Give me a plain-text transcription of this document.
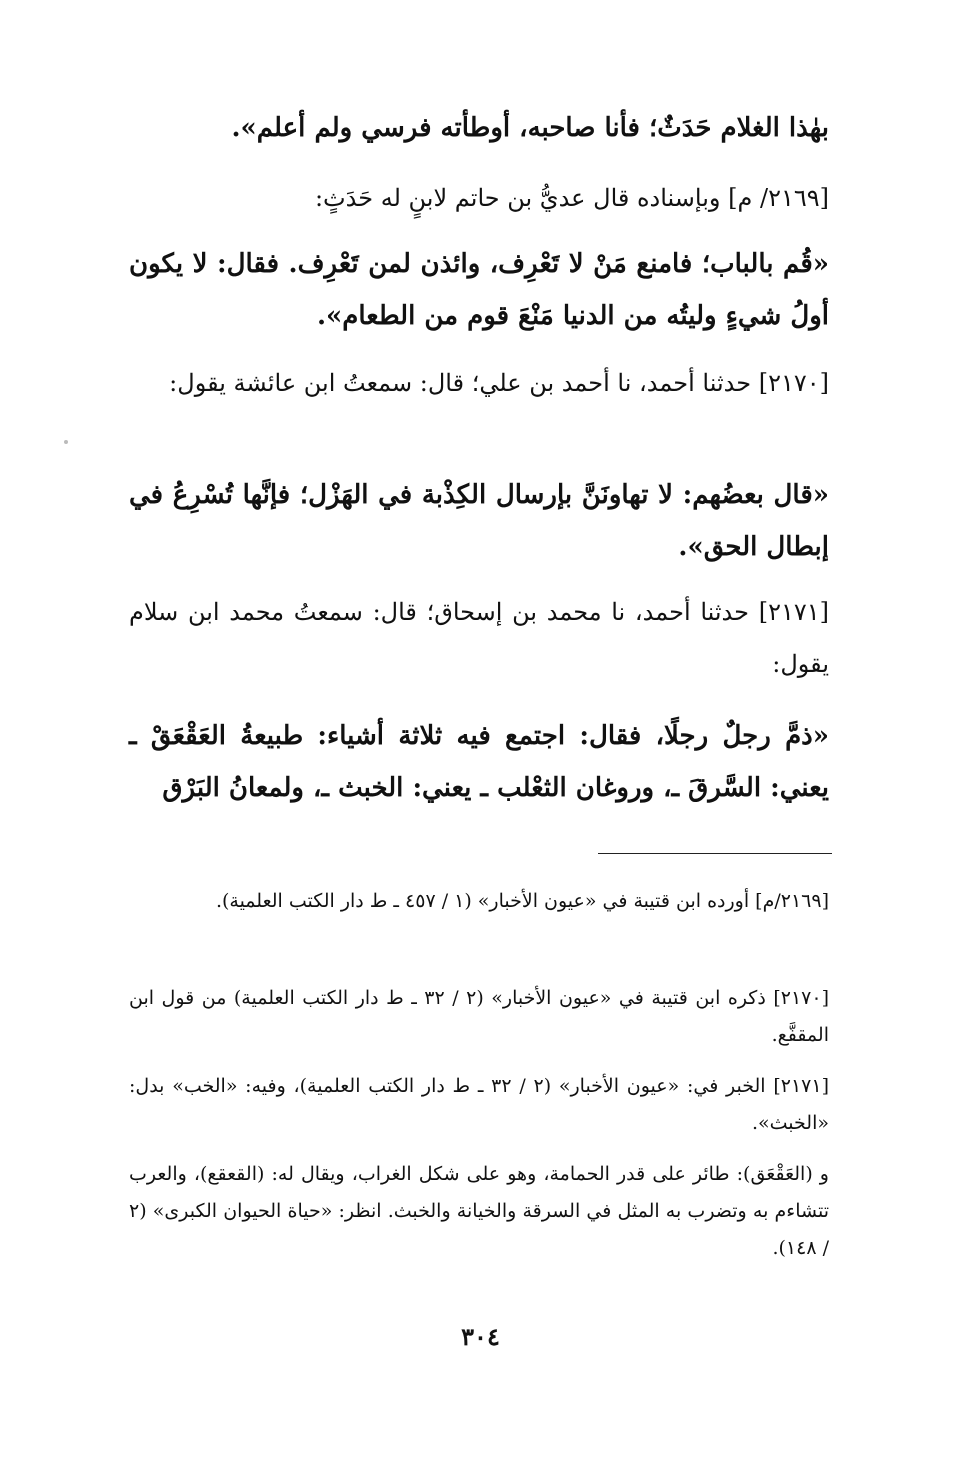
بهٰذا الغلام حَدَثٌ؛ فأنا صاحبه، أوطأته فرسي ولم أعلم».
[٢١٦٩/ م] وبإسناده قال عديُّ بن حاتم لابنٍ له حَدَثٍ:
«قُم بالباب؛ فامنع مَنْ لا تَعْرِف، وائذن لمن تَعْرِف. فقال: لا يكون أولُ شيءٍ وليتُه من الدنيا مَنْعَ قوم من الطعام».
[٢١٧٠] حدثنا أحمد، نا أحمد بن علي؛ قال: سمعتُ ابن عائشة يقول:
«قال بعضُهم: لا تهاونَنَّ بإرسال الكِذْبة في الهَزْل؛ فإنَّها تُسْرِعُ في إبطال الحق».
[٢١٧١] حدثنا أحمد، نا محمد بن إسحاق؛ قال: سمعتُ محمد ابن سلام يقول:
«ذمَّ رجلٌ رجلًا، فقال: اجتمع فيه ثلاثة أشياء: طبيعةُ العَقْعَقْ ـ يعني: السَّرقَ ـ، وروغان الثعْلب ـ يعني: الخبث ـ، ولمعانُ البَرْق
[٢١٦٩/م] أورده ابن قتيبة في «عيون الأخبار» (١ / ٤٥٧ ـ ط دار الكتب العلمية).
[٢١٧٠] ذكره ابن قتيبة في «عيون الأخبار» (٢ / ٣٢ ـ ط دار الكتب العلمية) من قول ابن المقفَّع.
[٢١٧١] الخبر في: «عيون الأخبار» (٢ / ٣٢ ـ ط دار الكتب العلمية)، وفيه: «الخب» بدل: «الخبث».
و (العَقْعَق): طائر على قدر الحمامة، وهو على شكل الغراب، ويقال له: (القعقع)، والعرب تتشاءم به وتضرب به المثل في السرقة والخيانة والخبث. انظر: «حياة الحيوان الكبرى» (٢ / ١٤٨).
٣٠٤
